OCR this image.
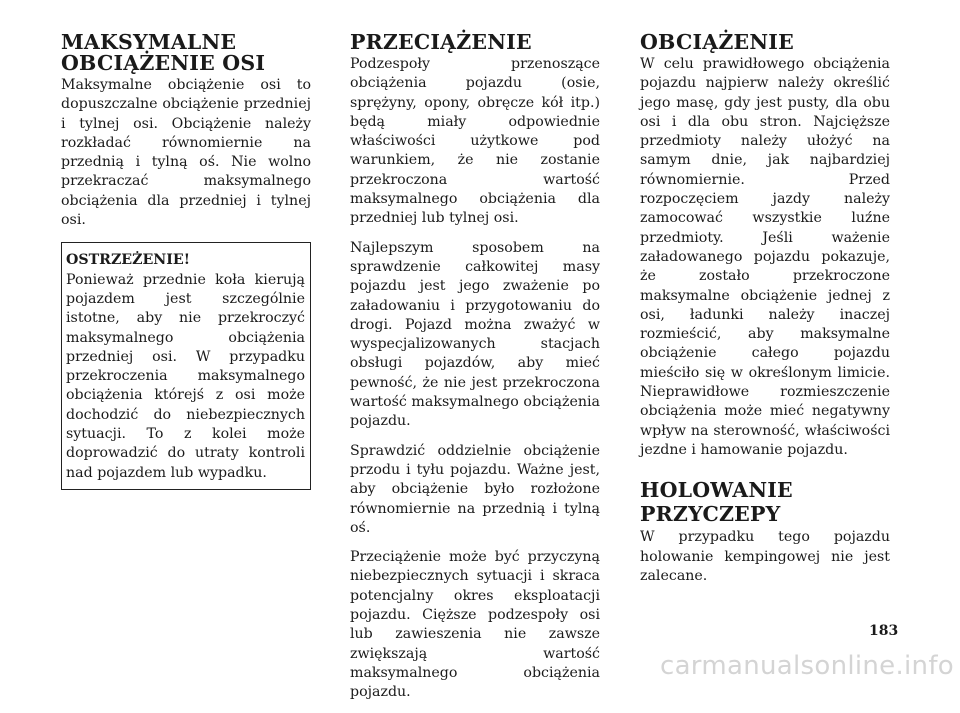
MAKSYMALNE
OBCIĄŻENIE OSI

Maksymalne obciążenie osi to dopuszczalne obciążenie przedniej i tylnej osi. Obciążenie należy rozkładać równomiernie na przednią i tylną oś. Nie wolno przekraczać maksymalnego obciążenia dla przedniej i tylnej osi.

OSTRZEŻENIE!

Ponieważ przednie koła kierują pojazdem jest szczególnie istotne, aby nie przekroczyć maksymalnego obciążenia przedniej osi. W przypadku przekroczenia maksymalnego obciążenia którejś z osi może dochodzić do niebezpiecznych sytuacji. To z kolei może doprowadzić do utraty kontroli nad pojazdem lub wypadku.

PRZECIĄŻENIE

Podzespoły przenoszące obciążenia pojazdu (osie, sprężyny, opony, obręcze kół itp.) będą miały odpowiednie właściwości użytkowe pod warunkiem, że nie zostanie przekroczona wartość maksymalnego obciążenia dla przedniej lub tylnej osi.

Najlepszym sposobem na sprawdzenie całkowitej masy pojazdu jest jego zważenie po załadowaniu i przygotowaniu do drogi. Pojazd można zważyć w wyspecjalizowanych stacjach obsługi pojazdów, aby mieć pewność, że nie jest przekroczona wartość maksymalnego obciążenia pojazdu.

Sprawdzić oddzielnie obciążenie przodu i tyłu pojazdu. Ważne jest, aby obciążenie było rozłożone równomiernie na przednią i tylną oś.

Przeciążenie może być przyczyną niebezpiecznych sytuacji i skraca potencjalny okres eksploatacji pojazdu. Cięższe podzespoły osi lub zawieszenia nie zawsze zwiększają wartość maksymalnego obciążenia pojazdu.

OBCIĄŻENIE

W celu prawidłowego obciążenia pojazdu najpierw należy określić jego masę, gdy jest pusty, dla obu osi i dla obu stron. Najcięższe przedmioty należy ułożyć na samym dnie, jak najbardziej równomiernie. Przed rozpoczęciem jazdy należy zamocować wszystkie luźne przedmioty. Jeśli ważenie załadowanego pojazdu pokazuje, że zostało przekroczone maksymalne obciążenie jednej z osi, ładunki należy inaczej rozmieścić, aby maksymalne obciążenie całego pojazdu mieściło się w określonym limicie. Nieprawidłowe rozmieszczenie obciążenia może mieć negatywny wpływ na sterowność, właściwości jezdne i hamowanie pojazdu.

HOLOWANIE
PRZYCZEPY

W przypadku tego pojazdu holowanie kempingowej nie jest zalecane.

183
carmanualsonline.info
